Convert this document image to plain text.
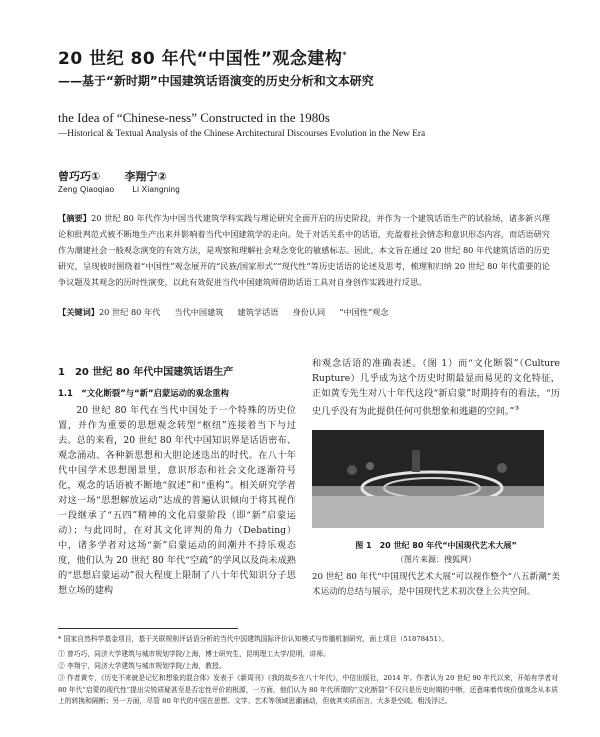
20 世纪 80 年代“中国性”观念建构*
——基于“新时期”中国建筑话语演变的历史分析和文本研究
the Idea of “Chinese-ness” Constructed in the 1980s
—Historical & Textual Analysis of the Chinese Architectural Discourses Evolution in the New Era
曾巧巧① 李翔宁②
Zeng Qiaoqiao Li Xiangning
【摘要】20 世纪 80 年代作为中国当代建筑学科实践与理论研究全面开启的历史阶段，并作为一个建筑话语生产的试验场，诸多新兴理论和批判范式被不断地生产出来并影响着当代中国建筑学的走向。处于对话关系中的话语，充盈着社会情态和意识形态内容，而话语研究作为潮建社会一般观念演变的有效方法，是观察和理解社会观念变化的敏感标志。因此，本文旨在通过 20 世纪 80 年代建筑话语的历史研究，呈现彼时围绕着“中国性”观念展开的“民族/国家形式”“现代性”等历史话语的论述及思考，梳理和归纳 20 世纪 80 年代重要的论争议题及其观念的历时性演变，以此有效促进当代中国建筑师借助话语工具对自身创作实践进行反思。
【关键词】20 世纪 80 年代 当代中国建筑 建筑学话语 身份认同 “中国性”观念
1　20 世纪 80 年代中国建筑话语生产
1.1　“文化断裂”与“新”启蒙运动的观念重构
20 世纪 80 年代在当代中国处于一个特殊的历史位置，并作为重要的思想观念转型“枢纽”连接着当下与过去。总的来看，20 世纪 80 年代中国知识界是话语密布、观念涌动、各种新思想和大胆论述迭出的时代。在八十年代中国学术思想图景里，意识形态和社会文化逐渐符号化，观念的话语被不断地“叙述”和“重构”。相关研究学者对这一场“思想解放运动”达成的普遍认识倾向于将其视作一段继承了“五四”精神的文化启蒙阶段（即“新”启蒙运动）；与此同时，在对其文化评判的角力（Debating）中，诸多学者对这场“新”启蒙运动的间潮并不持乐观态度，他们认为 20 世纪 80 年代“空疏”的学风以及尚未成熟的“思想启蒙运动”很大程度上限制了八十年代知识分子思想立场的建构
和观念话语的准确表述。（图 1）而“文化断裂”（Culture Rupture）几乎成为这个历史时期最显而易见的文化特征，正如黄专先生对八十年代这段“新启蒙”时期持有的看法，“历史几乎没有为此提供任何可供想象和逃避的空间。”③
图 1　20 世纪 80 年代“中国现代艺术大展”
（图片来源：搜狐网）
20 世纪 80 年代“中国现代艺术大展”可以视作整个“八五新潮”美术运动的总结与展示，是中国现代艺术初次登上公共空间。
* 国家自然科学基金项目，基于关联规则评话语分析的当代中国建筑国际评价认知模式与传播机制研究，面上项目（51878451）。
① 曾巧巧，同济大学建筑与城市规划学院/上海，博士研究生，昆明理工大学/昆明，讲师。
② 李翔宁，同济大学建筑与城市规划学院/上海，教授。
③ 作者黄专，《历史不来就是记忆和想象的混合体》发表于《新周刊》《我的故乡在八十年代》，中信出版社，2014 年。作者认为 20 世纪 90 年代以来，开始有学者对 80 年代“启蒙的现代性”提出尖锐质疑甚至是否定性评价的根源，一方面，他们认为 80 年代所谓的“文化断裂”不仅只是历史时期的中断，还意味着传统价值观念从本质上的转换和隔断；另一方面，尽管 80 年代的中国在思想、文学、艺术等领域思潮涌动，但就其实质而言，大多是空疏、粗浅浮泛。
